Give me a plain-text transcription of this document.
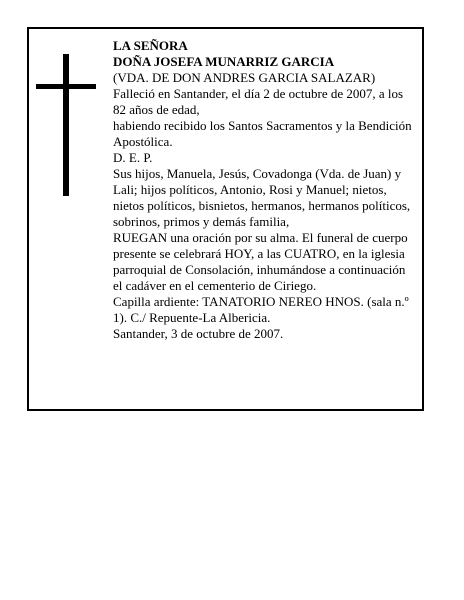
LA SEÑORA

DOÑA JOSEFA MUNARRIZ GARCIA

(VDA. DE DON ANDRES GARCIA SALAZAR)

Falleció en Santander, el día 2 de octubre de 2007, a los 82 años de edad,

habiendo recibido los Santos Sacramentos y la Bendición Apostólica.

D. E. P.

Sus hijos, Manuela, Jesús, Covadonga (Vda. de Juan) y Lali; hijos políticos, Antonio, Rosi y Manuel; nietos, nietos políticos, bisnietos, hermanos, hermanos políticos, sobrinos, primos y demás familia,

RUEGAN una oración por su alma. El funeral de cuerpo presente se celebrará HOY, a las CUATRO, en la iglesia parroquial de Consolación, inhumándose a continuación el cadáver en el cementerio de Ciriego.

Capilla ardiente: TANATORIO NEREO HNOS. (sala n.º 1). C./ Repuente-La Albericia.

Santander, 3 de octubre de 2007.
